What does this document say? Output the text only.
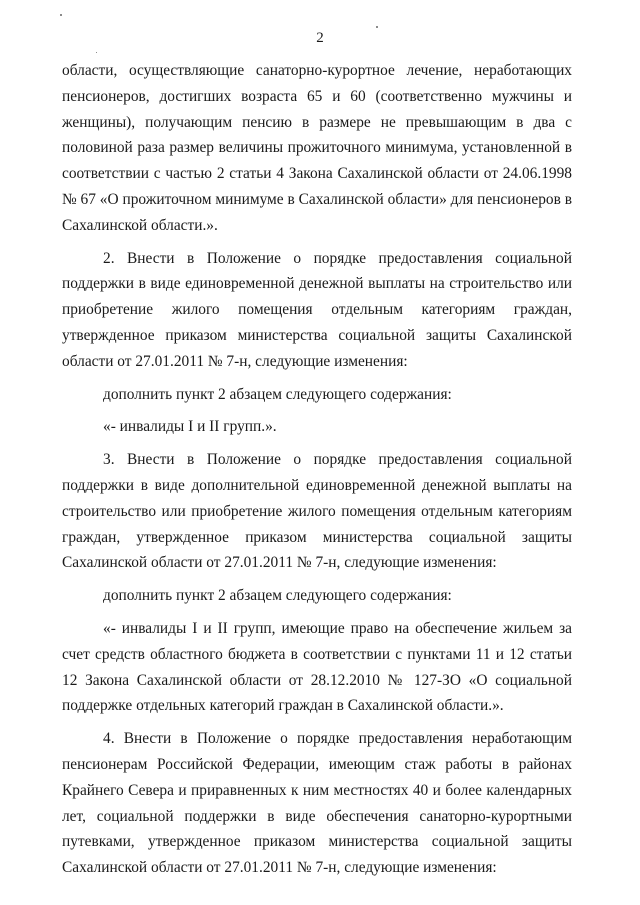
2

области, осуществляющие санаторно-курортное лечение, неработающих пенсионеров, достигших возраста 65 и 60 (соответственно мужчины и женщины), получающим пенсию в размере не превышающим в два с половиной раза размер величины прожиточного минимума, установленной в соответствии с частью 2 статьи 4 Закона Сахалинской области от 24.06.1998 № 67 «О прожиточном минимуме в Сахалинской области» для пенсионеров в Сахалинской области.».

2. Внести в Положение о порядке предоставления социальной поддержки в виде единовременной денежной выплаты на строительство или приобретение жилого помещения отдельным категориям граждан, утвержденное приказом министерства социальной защиты Сахалинской области от 27.01.2011 № 7-н, следующие изменения:

дополнить пункт 2 абзацем следующего содержания:

«- инвалиды I и II групп.».

3. Внести в Положение о порядке предоставления социальной поддержки в виде дополнительной единовременной денежной выплаты на строительство или приобретение жилого помещения отдельным категориям граждан, утвержденное приказом министерства социальной защиты Сахалинской области от 27.01.2011 № 7-н, следующие изменения:

дополнить пункт 2 абзацем следующего содержания:

«- инвалиды I и II групп, имеющие право на обеспечение жильем за счет средств областного бюджета в соответствии с пунктами 11 и 12 статьи 12 Закона Сахалинской области от 28.12.2010 № 127-ЗО «О социальной поддержке отдельных категорий граждан в Сахалинской области.».

4. Внести в Положение о порядке предоставления неработающим пенсионерам Российской Федерации, имеющим стаж работы в районах Крайнего Севера и приравненных к ним местностях 40 и более календарных лет, социальной поддержки в виде обеспечения санаторно-курортными путевками, утвержденное приказом министерства социальной защиты Сахалинской области от 27.01.2011 № 7-н, следующие изменения:
